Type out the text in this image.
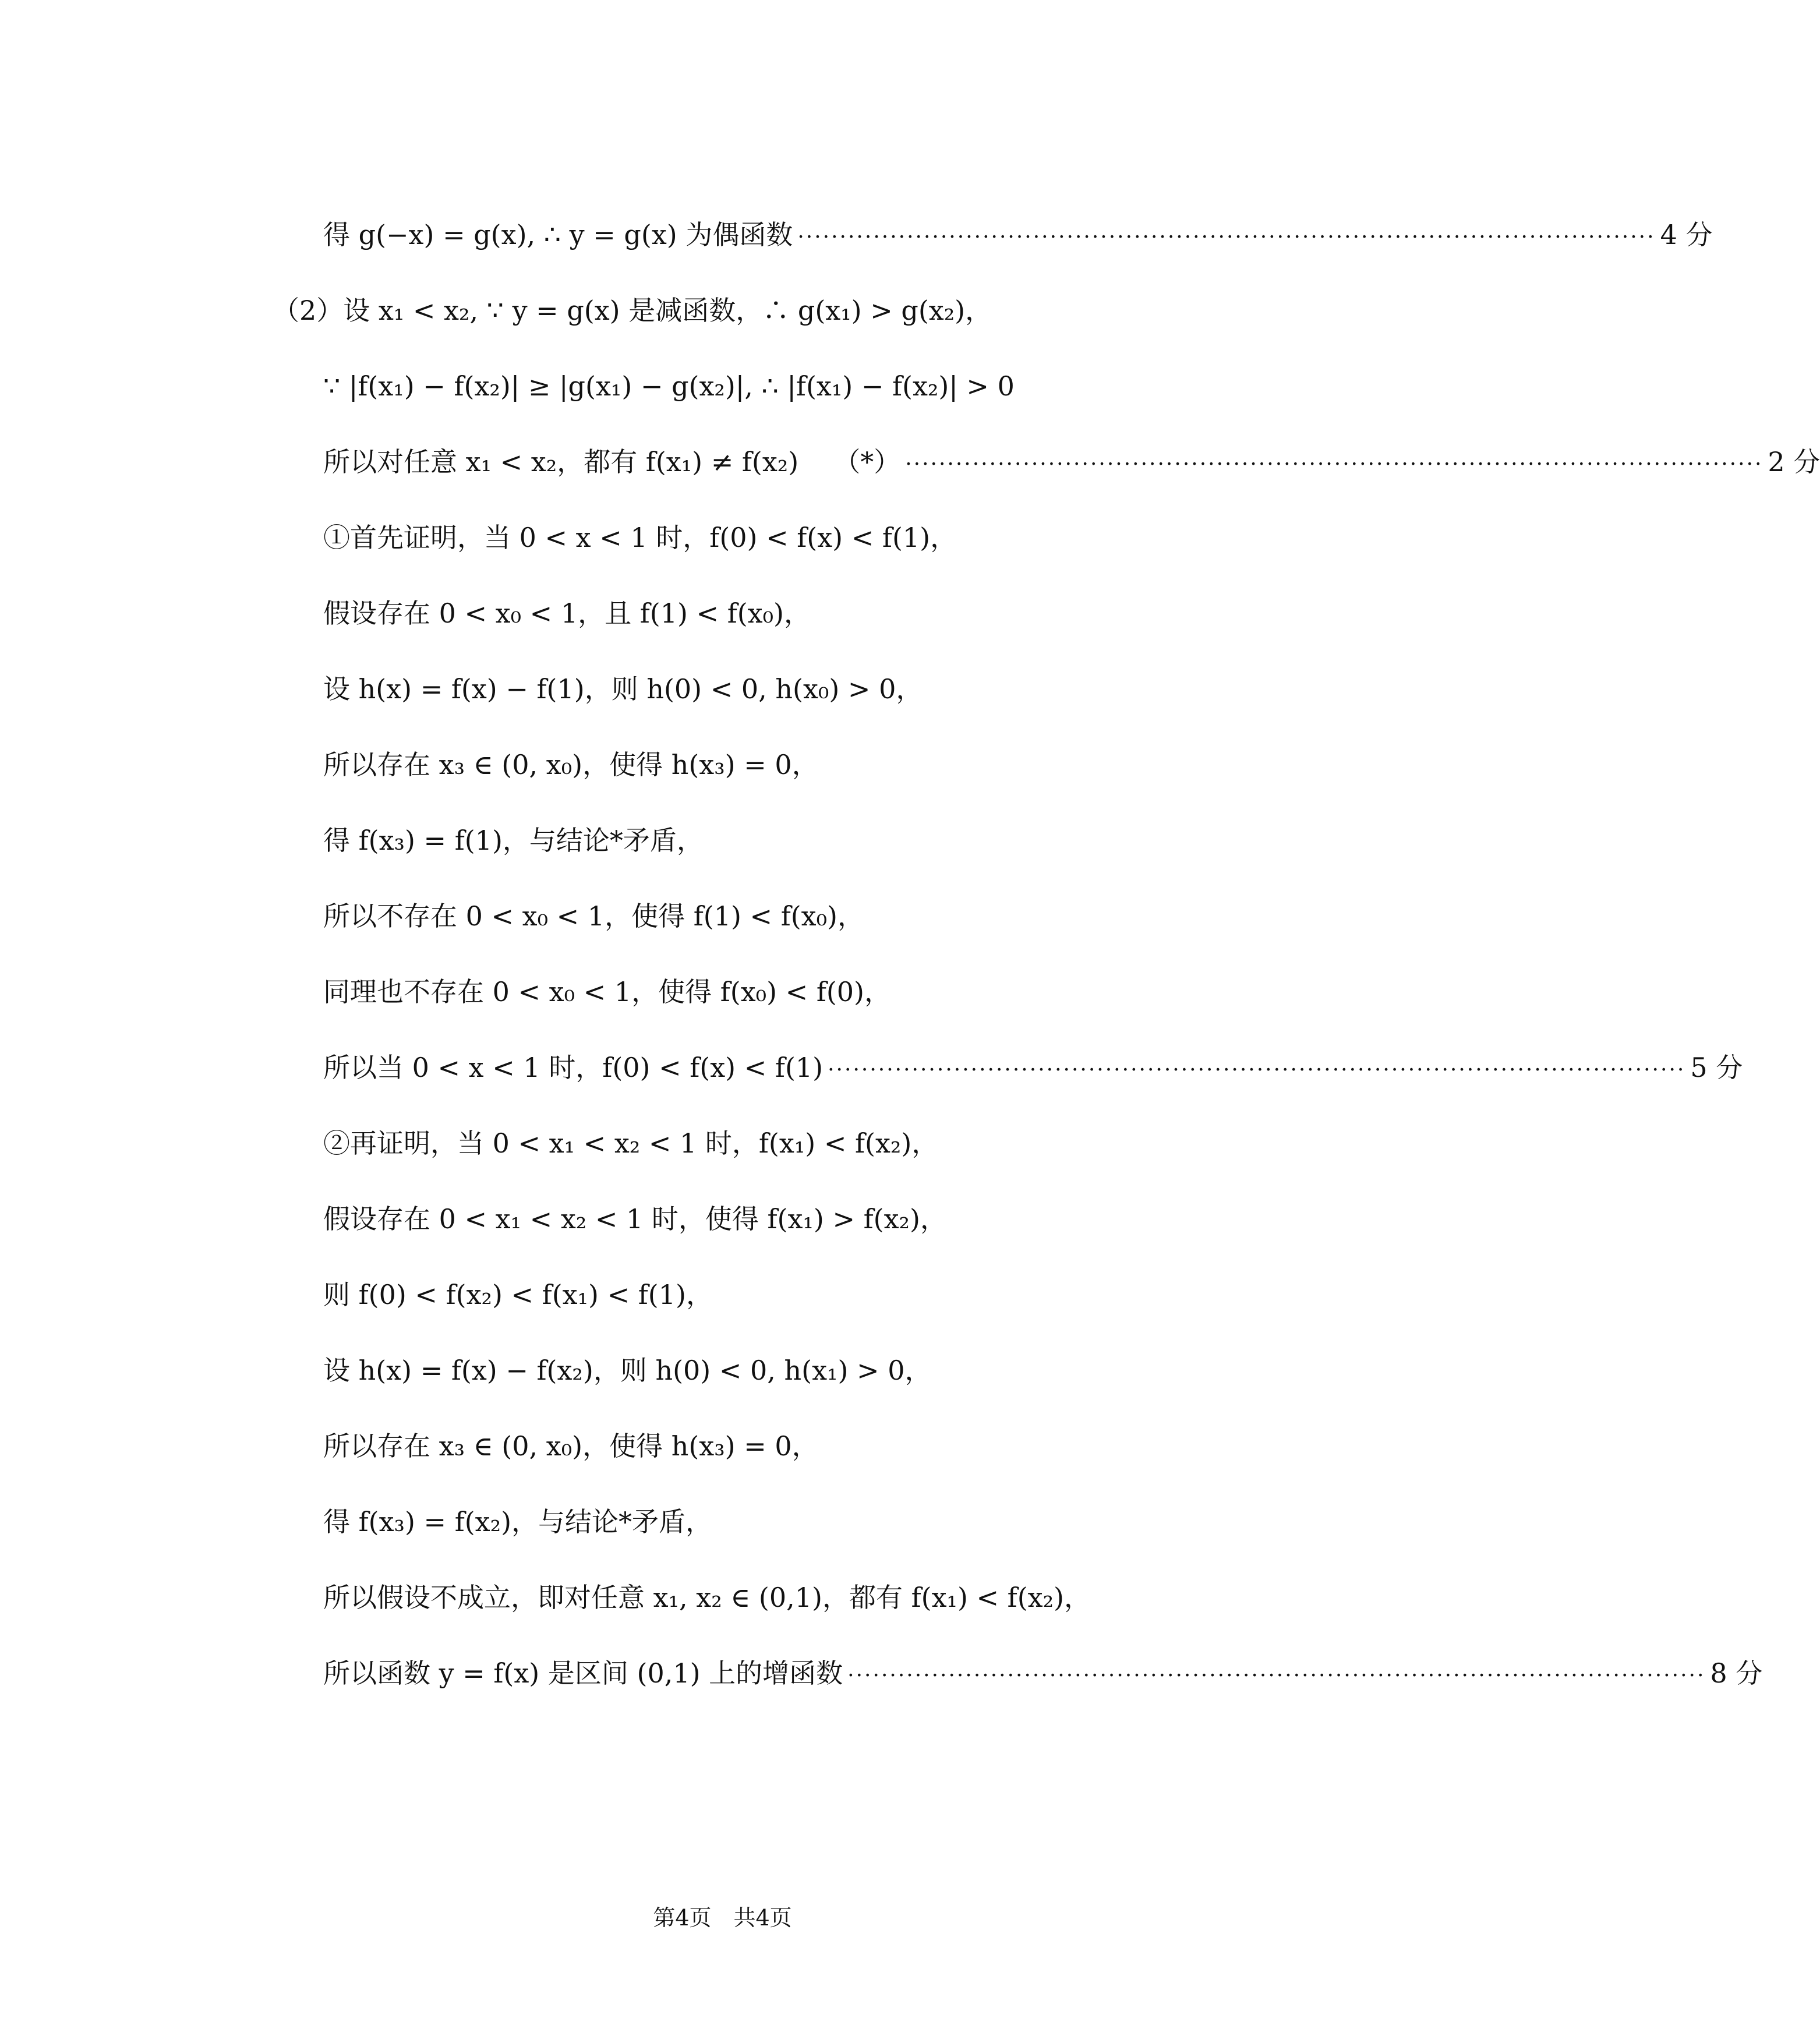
得 g(−x) = g(x), ∴ y = g(x) 为偶函数 ······································································································ 4 分
（2）设 x₁ < x₂, ∵ y = g(x) 是减函数，∴ g(x₁) > g(x₂)，
∵ |f(x₁) − f(x₂)| ≥ |g(x₁) − g(x₂)|, ∴ |f(x₁) − f(x₂)| > 0
所以对任意 x₁ < x₂，都有 f(x₁) ≠ f(x₂) （*） ······································································································ 2 分
①首先证明，当 0 < x < 1 时，f(0) < f(x) < f(1)，
假设存在 0 < x₀ < 1，且 f(1) < f(x₀)，
设 h(x) = f(x) − f(1)，则 h(0) < 0, h(x₀) > 0，
所以存在 x₃ ∈ (0, x₀)，使得 h(x₃) = 0，
得 f(x₃) = f(1)，与结论*矛盾，
所以不存在 0 < x₀ < 1，使得 f(1) < f(x₀)，
同理也不存在 0 < x₀ < 1，使得 f(x₀) < f(0)，
所以当 0 < x < 1 时，f(0) < f(x) < f(1) ······································································································ 5 分
②再证明，当 0 < x₁ < x₂ < 1 时，f(x₁) < f(x₂)，
假设存在 0 < x₁ < x₂ < 1 时，使得 f(x₁) > f(x₂)，
则 f(0) < f(x₂) < f(x₁) < f(1)，
设 h(x) = f(x) − f(x₂)，则 h(0) < 0, h(x₁) > 0，
所以存在 x₃ ∈ (0, x₀)，使得 h(x₃) = 0，
得 f(x₃) = f(x₂)，与结论*矛盾，
所以假设不成立，即对任意 x₁, x₂ ∈ (0,1)，都有 f(x₁) < f(x₂)，
所以函数 y = f(x) 是区间 (0,1) 上的增函数 ······································································································ 8 分
第4页　共4页
